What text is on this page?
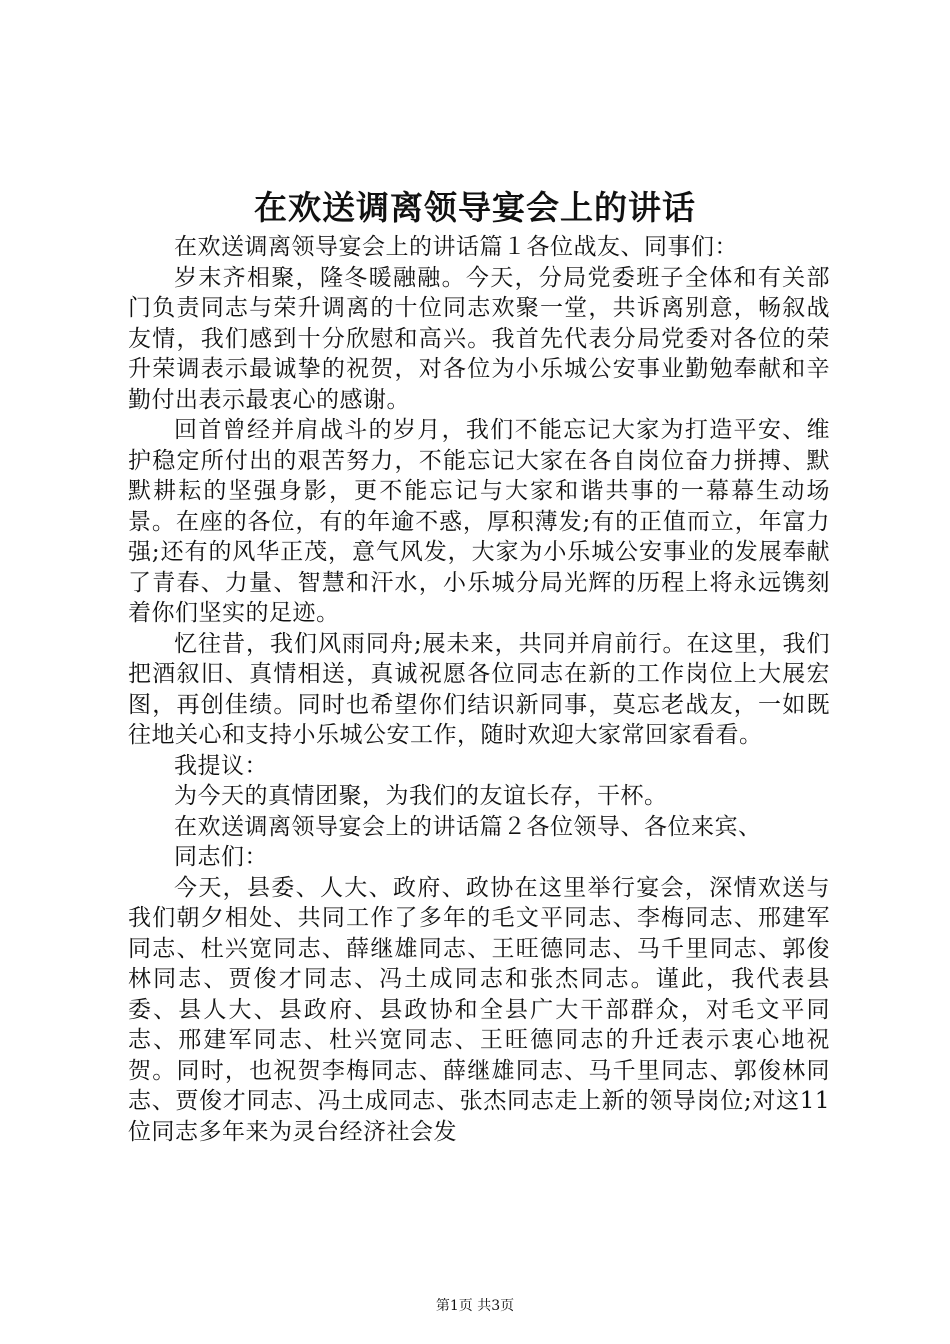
在欢送调离领导宴会上的讲话

在欢送调离领导宴会上的讲话篇１各位战友、同事们：

岁末齐相聚，隆冬暖融融。今天，分局党委班子全体和有关部门负责同志与荣升调离的十位同志欢聚一堂，共诉离别意，畅叙战友情，我们感到十分欣慰和高兴。我首先代表分局党委对各位的荣升荣调表示最诚挚的祝贺，对各位为小乐城公安事业勤勉奉献和辛勤付出表示最衷心的感谢。

回首曾经并肩战斗的岁月，我们不能忘记大家为打造平安、维护稳定所付出的艰苦努力，不能忘记大家在各自岗位奋力拼搏、默默耕耘的坚强身影，更不能忘记与大家和谐共事的一幕幕生动场景。在座的各位，有的年逾不惑，厚积薄发;有的正值而立，年富力强;还有的风华正茂，意气风发，大家为小乐城公安事业的发展奉献了青春、力量、智慧和汗水，小乐城分局光辉的历程上将永远镌刻着你们坚实的足迹。

忆往昔，我们风雨同舟;展未来，共同并肩前行。在这里，我们把酒叙旧、真情相送，真诚祝愿各位同志在新的工作岗位上大展宏图，再创佳绩。同时也希望你们结识新同事，莫忘老战友，一如既往地关心和支持小乐城公安工作，随时欢迎大家常回家看看。

我提议：

为今天的真情团聚，为我们的友谊长存，干杯。

在欢送调离领导宴会上的讲话篇２各位领导、各位来宾、

同志们：

今天，县委、人大、政府、政协在这里举行宴会，深情欢送与我们朝夕相处、共同工作了多年的毛文平同志、李梅同志、邢建军同志、杜兴宽同志、薛继雄同志、王旺德同志、马千里同志、郭俊林同志、贾俊才同志、冯土成同志和张杰同志。谨此，我代表县委、县人大、县政府、县政协和全县广大干部群众，对毛文平同志、邢建军同志、杜兴宽同志、王旺德同志的升迁表示衷心地祝贺。同时，也祝贺李梅同志、薛继雄同志、马千里同志、郭俊林同志、贾俊才同志、冯土成同志、张杰同志走上新的领导岗位;对这11位同志多年来为灵台经济社会发

第1页 共3页
